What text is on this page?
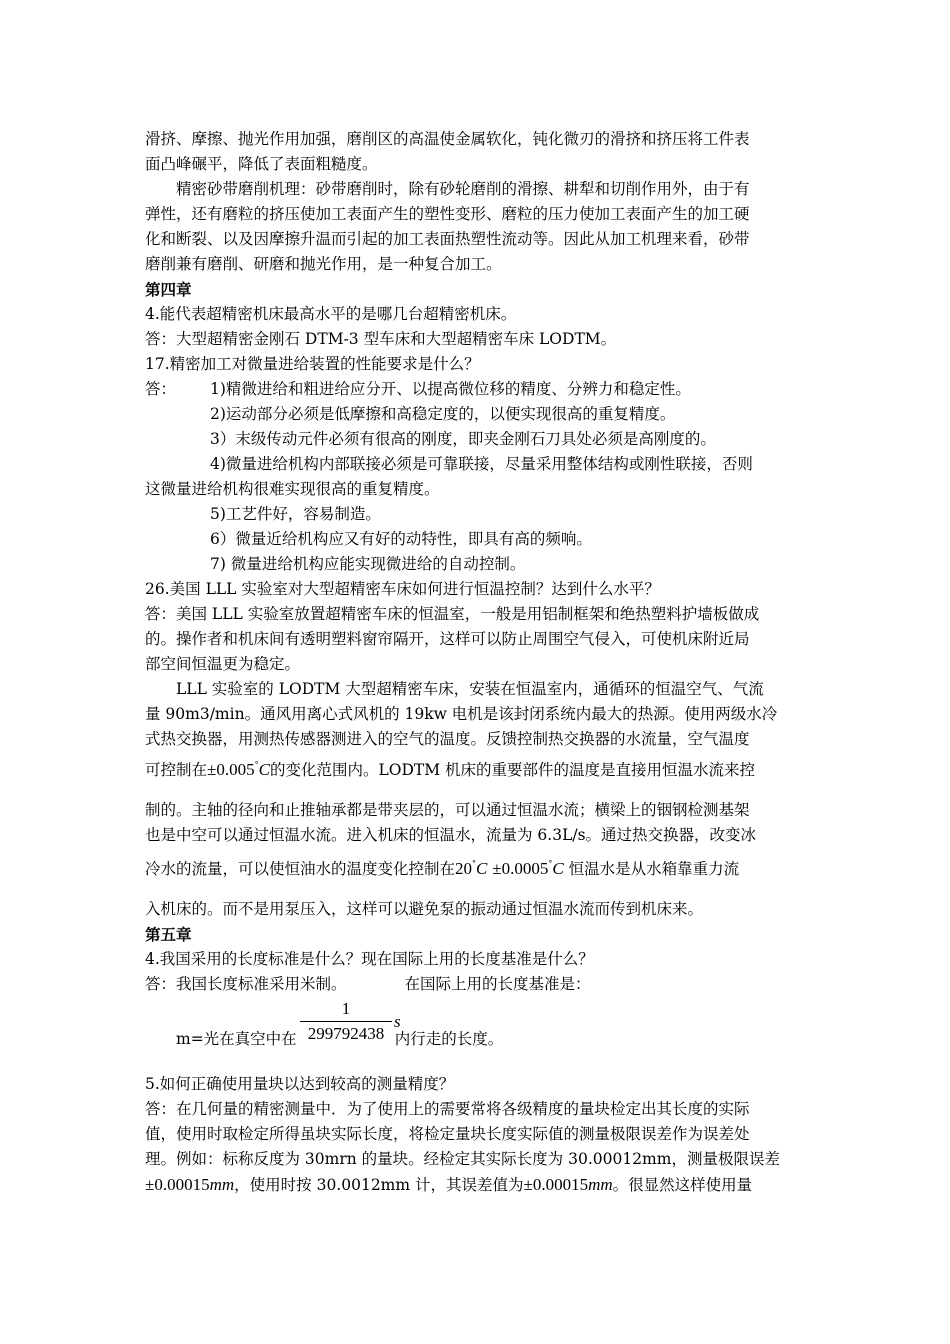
滑挤、摩擦、抛光作用加强，磨削区的高温使金属软化，钝化微刃的滑挤和挤压将工件表
面凸峰碾平，降低了表面粗糙度。
精密砂带磨削机理：砂带磨削时，除有砂轮磨削的滑擦、耕犁和切削作用外，由于有
弹性，还有磨粒的挤压使加工表面产生的塑性变形、磨粒的压力使加工表面产生的加工硬
化和断裂、以及因摩擦升温而引起的加工表面热塑性流动等。因此从加工机理来看，砂带
磨削兼有磨削、研磨和抛光作用，是一种复合加工。
第四章
4.能代表超精密机床最高水平的是哪几台超精密机床。
答：大型超精密金刚石 DTM-3 型车床和大型超精密车床 LODTM。
17.精密加工对微量进给装置的性能要求是什么？
答： 1)精微进给和粗进给应分开、以提高微位移的精度、分辨力和稳定性。
2)运动部分必须是低摩擦和高稳定度的，以便实现很高的重复精度。
3）末级传动元件必须有很高的刚度，即夹金刚石刀具处必须是高刚度的。
4)微量进给机构内部联接必须是可靠联接，尽量采用整体结构或刚性联接，否则
这微量进给机构很难实现很高的重复精度。
5)工艺件好，容易制造。
6）微量近给机构应又有好的动特性，即具有高的频响。
7) 微量进给机构应能实现微进给的自动控制。
26.美国 LLL 实验室对大型超精密车床如何进行恒温控制？达到什么水平？
答：美国 LLL 实验室放置超精密车床的恒温室，一般是用铝制框架和绝热塑料护墙板做成
的。操作者和机床间有透明塑料窗帘隔开，这样可以防止周围空气侵入，可使机床附近局
部空间恒温更为稳定。
LLL 实验室的 LODTM 大型超精密车床，安装在恒温室内，通循环的恒温空气、气流
量 90m3/min。通风用离心式风机的 19kw 电机是该封闭系统内最大的热源。使用两级水冷
式热交换器，用测热传感器测进入的空气的温度。反馈控制热交换器的水流量，空气温度
可控制在±0.005°C的变化范围内。LODTM 机床的重要部件的温度是直接用恒温水流来控
制的。主轴的径向和止推轴承都是带夹层的，可以通过恒温水流；横梁上的铟钢检测基架
也是中空可以通过恒温水流。进入机床的恒温水，流量为 6.3L/s。通过热交换器，改变冰
冷水的流量，可以使恒油水的温度变化控制在20°C ±0.0005°C 恒温水是从水箱靠重力流
入机床的。而不是用泵压入，这样可以避免泵的振动通过恒温水流而传到机床来。
第五章
4.我国采用的长度标准是什么？现在国际上用的长度基准是什么？
答：我国长度标准采用米制。	在国际上用的长度基准是：
1
299792438
s
m=光在真空中在	内行走的长度。
5.如何正确使用量块以达到较高的测量精度？
答：在几何量的精密测量中．为了使用上的需要常将各级精度的量块检定出其长度的实际
值，使用时取检定所得虽块实际长度，将检定量块长度实际值的测量极限误差作为误差处
理。例如：标称反度为 30mrn 的量块。经检定其实际长度为 30.00012mm，测量极限误差
±0.00015mm，使用时按 30.0012mm 计，其误差值为±0.00015mm。很显然这样使用量
